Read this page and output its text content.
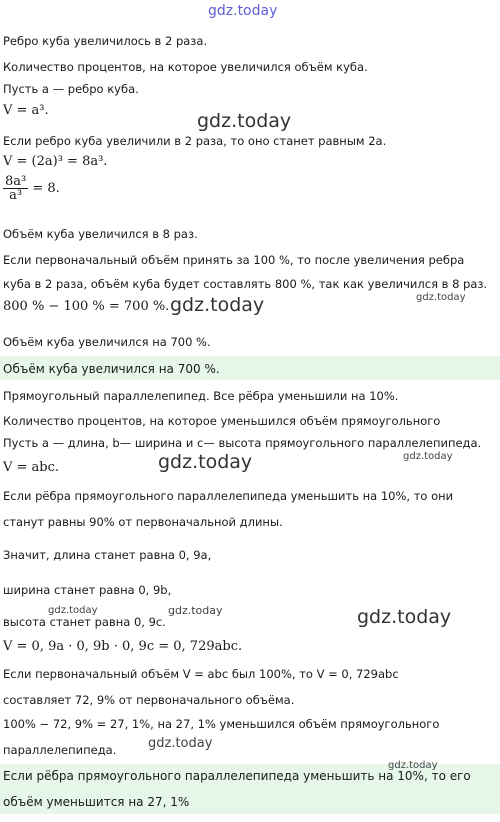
gdz.today
gdz.today
gdz.today	gdz.today
gdz.today	gdz.today
gdz.today	gdz.today	gdz.today
gdz.today
gdz.today
Ребро куба увеличилось в 2 раза.
Количество процентов, на которое увеличился объём куба.
Пусть a — ребро куба.
V = a³.
Если ребро куба увеличили в 2 раза, то оно станет равным 2a.
V = (2a)³ = 8a³.
$\frac{\text{8a³}}{\text{a³}} = 8$.
Объём куба увеличился в 8 раз.
Если первоначальный объём принять за 100 %, то после увеличения ребра
куба в 2 раза, объём куба будет составлять 800 %, так как увеличился в 8 раз.
800 % − 100 % = 700 %.
Объём куба увеличился на 700 %.
Объём куба увеличился на 700 %.
Прямоугольный параллелепипед. Все рёбра уменьшили на 10%.
Количество процентов, на которое уменьшился объём прямоугольного
Пусть a — длина, b— ширина и c— высота прямоугольного параллелепипеда.
V = abc.
Если рёбра прямоугольного параллелепипеда уменьшить на 10%, то они
станут равны 90% от первоначальной длины.
Значит, длина станет равна 0, 9a,
ширина станет равна 0, 9b,
высота станет равна 0, 9c.
V = 0, 9a · 0, 9b · 0, 9c = 0, 729abc.
Если первоначальный объём V = abc был 100%, то V = 0, 729abc
составляет 72, 9% от первоначального объёма.
100% − 72, 9% = 27, 1%, на 27, 1% уменьшился объём прямоугольного
параллелепипеда.
Если рёбра прямоугольного параллелепипеда уменьшить на 10%, то его
объём уменьшится на 27, 1%
